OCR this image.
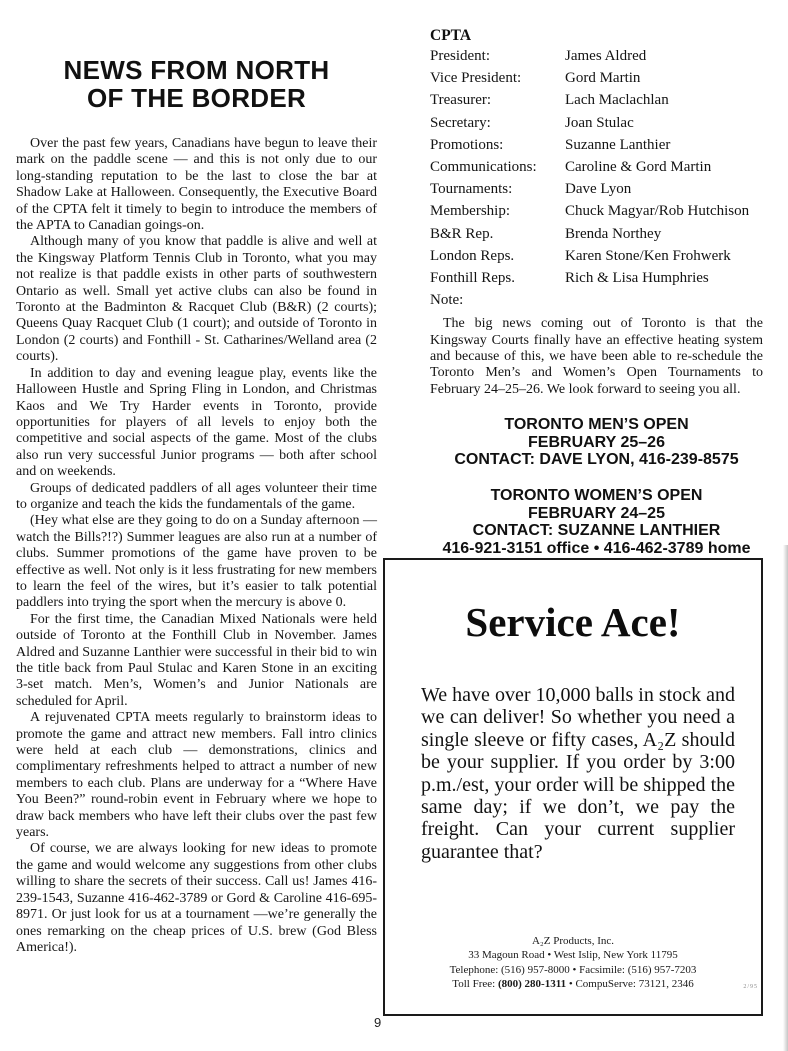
NEWS FROM NORTH
OF THE BORDER

Over the past few years, Canadians have begun to leave their mark on the paddle scene — and this is not only due to our long-standing reputation to be the last to close the bar at Shadow Lake at Halloween. Consequently, the Executive Board of the CPTA felt it timely to begin to introduce the members of the APTA to Canadian goings-on.

Although many of you know that paddle is alive and well at the Kingsway Platform Tennis Club in Toronto, what you may not realize is that paddle exists in other parts of southwestern Ontario as well. Small yet active clubs can also be found in Toronto at the Badminton & Racquet Club (B&R) (2 courts); Queens Quay Racquet Club (1 court); and outside of Toronto in London (2 courts) and Fonthill - St. Catharines/Welland area (2 courts).

In addition to day and evening league play, events like the Halloween Hustle and Spring Fling in London, and Christmas Kaos and We Try Harder events in Toronto, provide opportunities for players of all levels to enjoy both the competitive and social aspects of the game. Most of the clubs also run very successful Junior programs — both after school and on weekends.

Groups of dedicated paddlers of all ages volunteer their time to organize and teach the kids the fundamentals of the game.

(Hey what else are they going to do on a Sunday afternoon — watch the Bills?!?) Summer leagues are also run at a number of clubs. Summer promotions of the game have proven to be effective as well. Not only is it less frustrating for new members to learn the feel of the wires, but it’s easier to talk potential paddlers into trying the sport when the mercury is above 0.

For the first time, the Canadian Mixed Nationals were held outside of Toronto at the Fonthill Club in November. James Aldred and Suzanne Lanthier were successful in their bid to win the title back from Paul Stulac and Karen Stone in an exciting 3-set match. Men’s, Women’s and Junior Nationals are scheduled for April.

A rejuvenated CPTA meets regularly to brainstorm ideas to promote the game and attract new members. Fall intro clinics were held at each club — demonstrations, clinics and complimentary refreshments helped to attract a number of new members to each club. Plans are underway for a “Where Have You Been?” round-robin event in February where we hope to draw back members who have left their clubs over the past few years.

Of course, we are always looking for new ideas to promote the game and would welcome any suggestions from other clubs willing to share the secrets of their success. Call us! James 416-239-1543, Suzanne 416-462-3789 or Gord & Caroline 416-695-8971. Or just look for us at a tournament —we’re generally the ones remarking on the cheap prices of U.S. brew (God Bless America!).

CPTA
President:	James Aldred
Vice President:	Gord Martin
Treasurer:	Lach Maclachlan
Secretary:	Joan Stulac
Promotions:	Suzanne Lanthier
Communications: Caroline & Gord Martin
Tournaments:	Dave Lyon
Membership:	Chuck Magyar/Rob Hutchison
B&R Rep.	Brenda Northey
London Reps.	Karen Stone/Ken Frohwerk
Fonthill Reps.	Rich & Lisa Humphries
Note:

The big news coming out of Toronto is that the Kingsway Courts finally have an effective heating system and because of this, we have been able to re-schedule the Toronto Men’s and Women’s Open Tournaments to February 24–25–26. We look forward to seeing you all.

TORONTO MEN’S OPEN
FEBRUARY 25–26
CONTACT: DAVE LYON, 416-239-8575
TORONTO WOMEN’S OPEN
FEBRUARY 24–25
CONTACT: SUZANNE LANTHIER
416-921-3151 office • 416-462-3789 home
Service Ace!

We have over 10,000 balls in stock and we can deliver! So whether you need a single sleeve or fifty cases, A₂Z should be your supplier. If you order by 3:00 p.m./est, your order will be shipped the same day; if we don’t, we pay the freight. Can your current supplier guarantee that?

A₂Z Products, Inc.
33 Magoun Road • West Islip, New York 11795
Telephone: (516) 957-8000 • Facsimile: (516) 957-7203
Toll Free: (800) 280-1311 • CompuServe: 73121, 2346	2/95
9
